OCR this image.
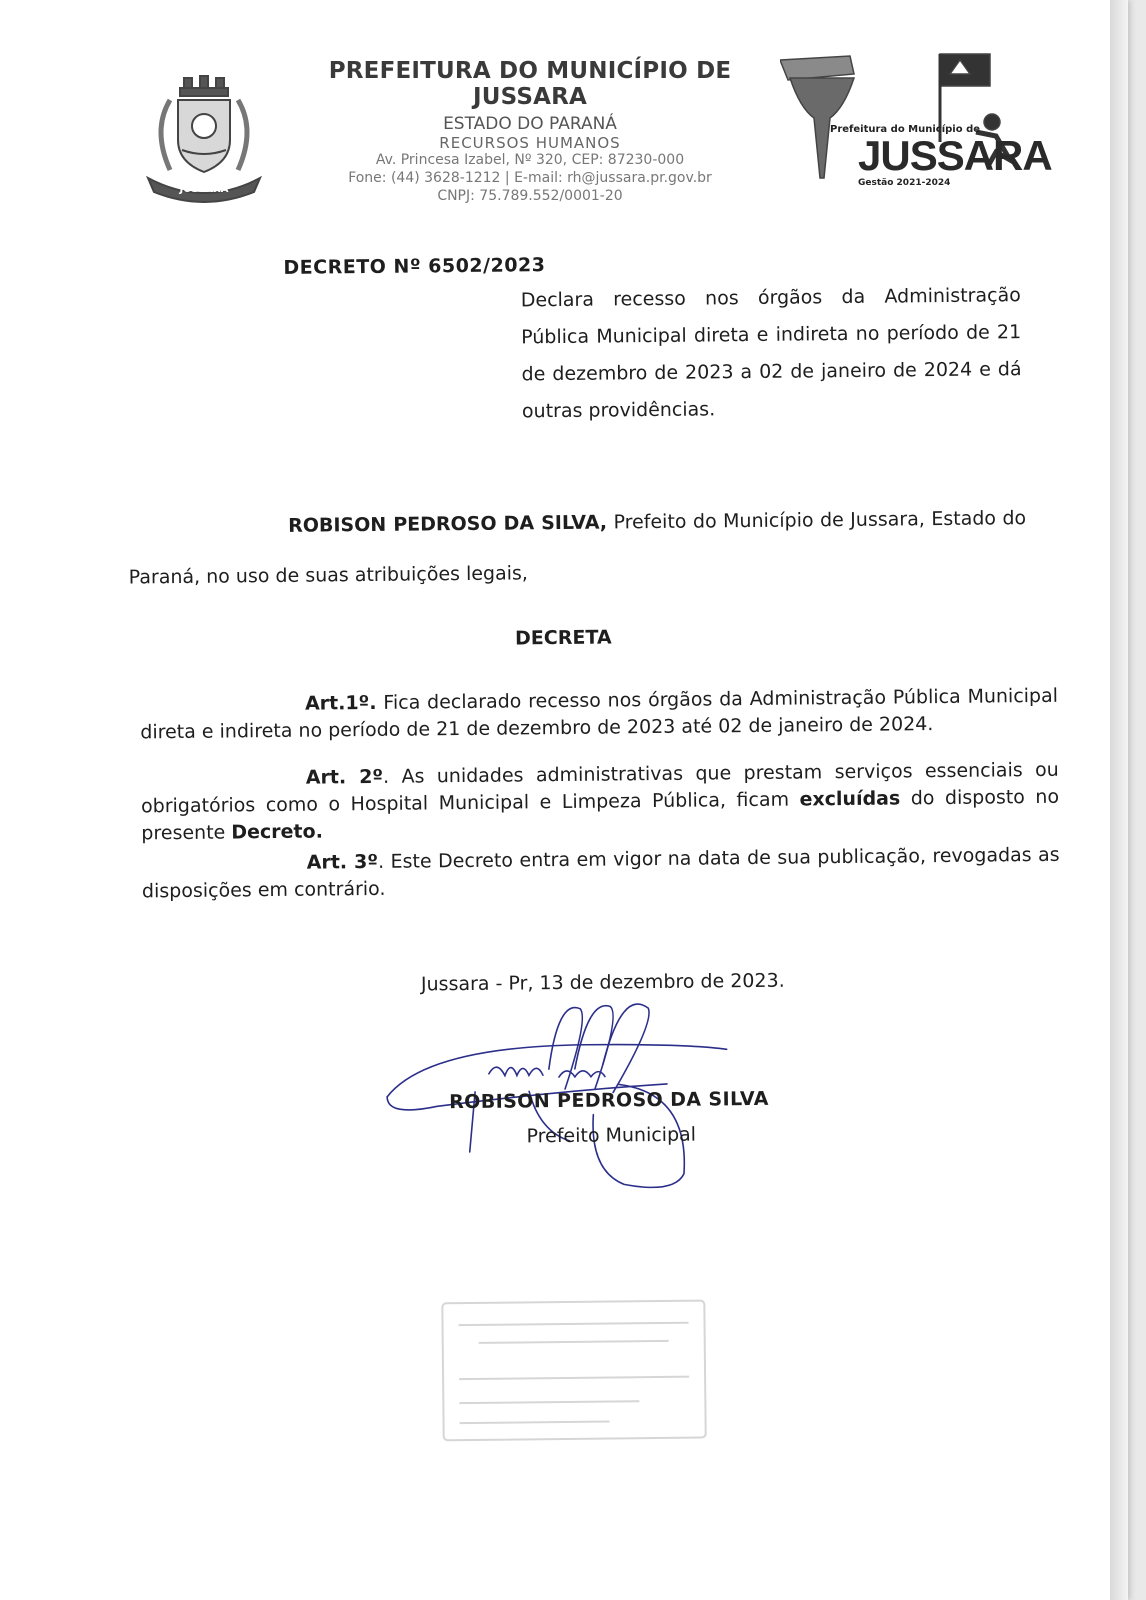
JUSSARA
PREFEITURA DO MUNICÍPIO DE JUSSARA
ESTADO DO PARANÁ
RECURSOS HUMANOS
Av. Princesa Izabel, Nº 320, CEP: 87230-000
Fone: (44) 3628-1212 | E-mail: rh@jussara.pr.gov.br
CNPJ: 75.789.552/0001-20
Prefeitura do Município de
JUSSARA
Gestão 2021-2024
DECRETO Nº 6502/2023
Declara recesso nos órgãos da Administração Pública Municipal direta e indireta no período de 21 de dezembro de 2023 a 02 de janeiro de 2024 e dá outras providências.
ROBISON PEDROSO DA SILVA, Prefeito do Município de Jussara, Estado do Paraná, no uso de suas atribuições legais,
DECRETA
Art.1º. Fica declarado recesso nos órgãos da Administração Pública Municipal direta e indireta no período de 21 de dezembro de 2023 até 02 de janeiro de 2024.
Art. 2º. As unidades administrativas que prestam serviços essenciais ou obrigatórios como o Hospital Municipal e Limpeza Pública, ficam excluídas do disposto no presente Decreto.
Art. 3º. Este Decreto entra em vigor na data de sua publicação, revogadas as disposições em contrário.
Jussara - Pr, 13 de dezembro de 2023.
ROBISON PEDROSO DA SILVA
Prefeito Municipal
